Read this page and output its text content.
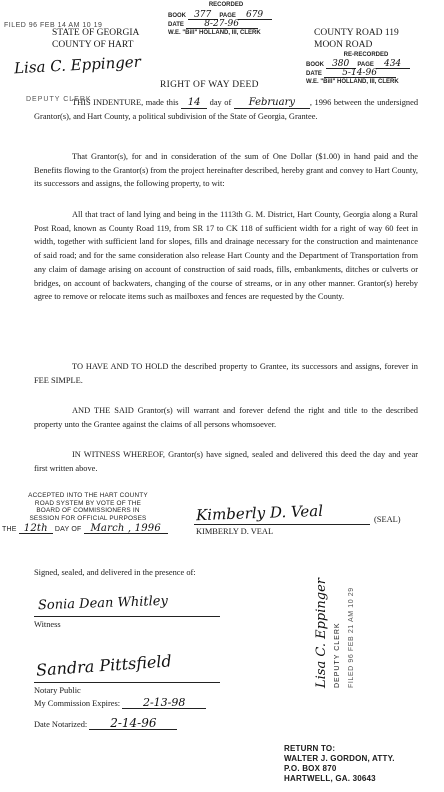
FILED 96 FEB 14 AM 10 19
Lisa C. Eppinger
DEPUTY CLERK
STATE OF GEORGIA
COUNTY OF HART
RECORDED
BOOK 377 PAGE 679
DATE 8-27-96
W.E. "Bill" HOLLAND, III, CLERK	COUNTY ROAD 119
MOON ROAD
RE-RECORDED
BOOK 380 PAGE 434
DATE 5-14-96
W.E. "Bill" HOLLAND, III, CLERK
RIGHT OF WAY DEED
THIS INDENTURE, made this 14 day of February , 1996 between the undersigned Grantor(s), and Hart County, a political subdivision of the State of Georgia, Grantee.
That Grantor(s), for and in consideration of the sum of One Dollar ($1.00) in hand paid and the Benefits flowing to the Grantor(s) from the project hereinafter described, hereby grant and convey to Hart County, its successors and assigns, the following property, to wit:
All that tract of land lying and being in the 1113th G. M. District, Hart County, Georgia along a Rural Post Road, known as County Road 119, from SR 17 to CK 118 of sufficient width for a right of way 60 feet in width, together with sufficient land for slopes, fills and drainage necessary for the construction and maintenance of said road; and for the same consideration also release Hart County and the Department of Transportation from any claim of damage arising on account of construction of said roads, fills, embankments, ditches or culverts or bridges, on account of backwaters, changing of the course of streams, or in any other manner. Grantor(s) hereby agree to remove or relocate items such as mailboxes and fences are requested by the County.
TO HAVE AND TO HOLD the described property to Grantee, its successors and assigns, forever in FEE SIMPLE.
AND THE SAID Grantor(s) will warrant and forever defend the right and title to the described property unto the Grantee against the claims of all persons whomsoever.
IN WITNESS WHEREOF, Grantor(s) have signed, sealed and delivered this deed the day and year first written above.
ACCEPTED INTO THE HART COUNTY
ROAD SYSTEM BY VOTE OF THE
BOARD OF COMMISSIONERS IN
SESSION FOR OFFICIAL PURPOSES
THE 12th DAY OF March , 1996
Kimberly D. Veal
KIMBERLY D. VEAL
(SEAL)
Signed, sealed, and delivered in the presence of:
Sonia Dean Whitley
Witness
Sandra Pittsfield
Notary Public
My Commission Expires: 2-13-98
Date Notarized: 2-14-96
Lisa C. Eppinger DEPUTY CLERK FILED 96 FEB 21 AM 10 29
RETURN TO:
WALTER J. GORDON, ATTY.
P.O. BOX 870
HARTWELL, GA. 30643
